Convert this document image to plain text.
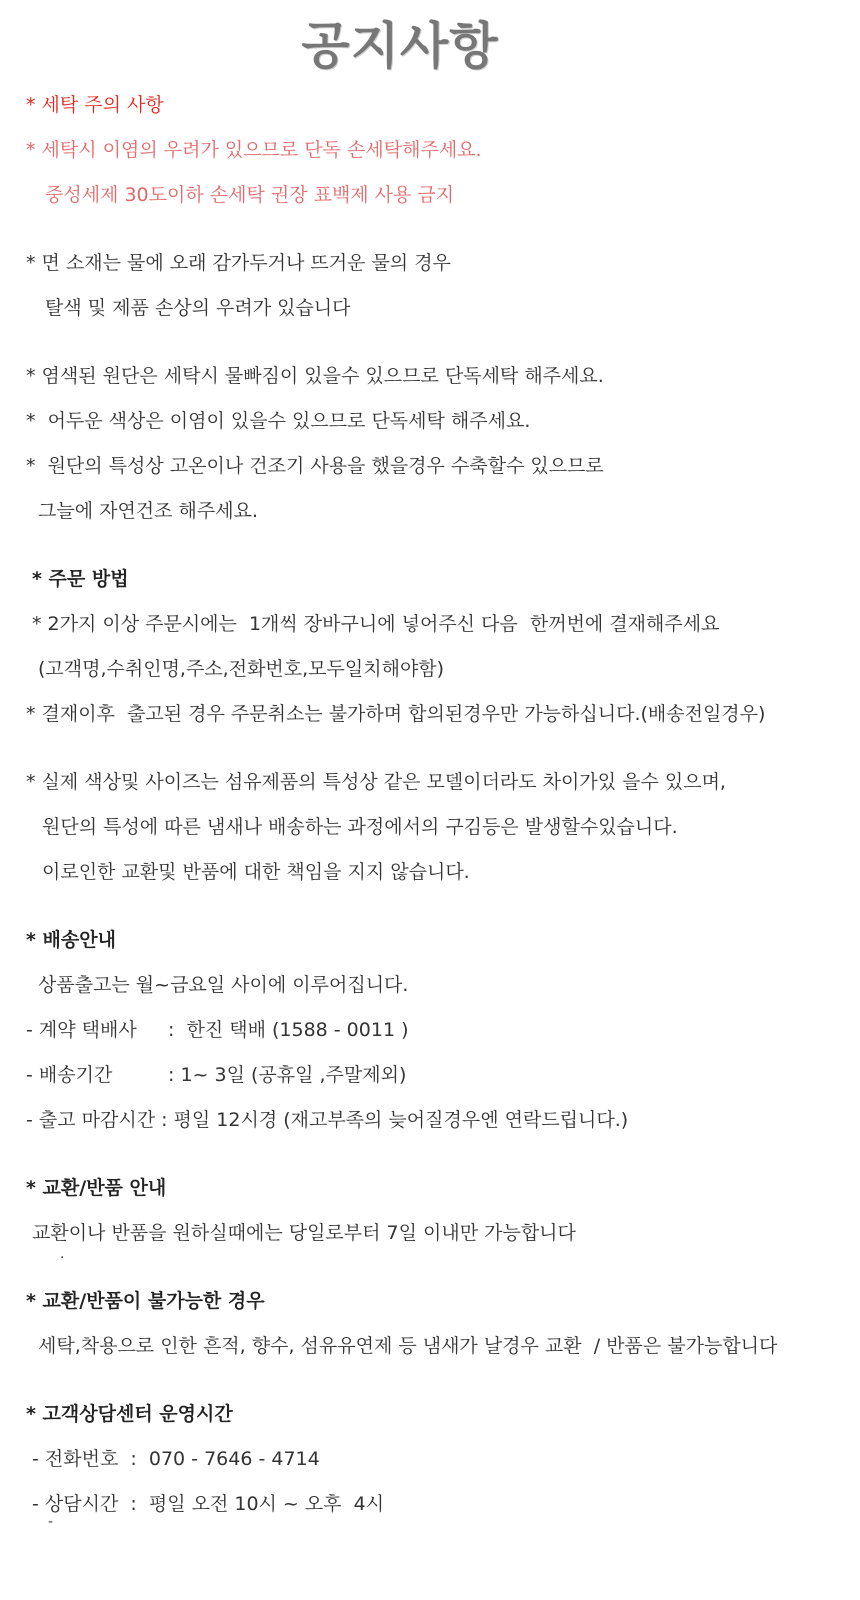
공지사항
* 세탁 주의 사항
* 세탁시 이염의 우려가 있으므로 단독 손세탁해주세요.
중성세제 30도이하 손세탁 권장 표백제 사용 금지
* 면 소재는 물에 오래 감가두거나 뜨거운 물의 경우
탈색 및 제품 손상의 우려가 있습니다
* 염색된 원단은 세탁시 물빠짐이 있을수 있으므로 단독세탁 해주세요.
*  어두운 색상은 이염이 있을수 있으므로 단독세탁 해주세요.
*  원단의 특성상 고온이나 건조기 사용을 했을경우 수축할수 있으므로
그늘에 자연건조 해주세요.
* 주문 방법
* 2가지 이상 주문시에는  1개씩 장바구니에 넣어주신 다음  한꺼번에 결재해주세요
(고객명,수취인명,주소,전화번호,모두일치해야함)
* 결재이후  출고된 경우 주문취소는 불가하며 합의된경우만 가능하십니다.(배송전일경우)
* 실제 색상및 사이즈는 섬유제품의 특성상 같은 모델이더라도 차이가있 을수 있으며,
원단의 특성에 따른 냄새나 배송하는 과정에서의 구김등은 발생할수있습니다.
이로인한 교환및 반품에 대한 책임을 지지 않습니다.
* 배송안내
상품출고는 월~금요일 사이에 이루어집니다.
- 계약 택배사 :  한진 택배 (1588 - 0011 )
- 배송기간	: 1~ 3일 (공휴일 ,주말제외)
- 출고 마감시간 : 평일 12시경 (재고부족의 늦어질경우엔 연락드립니다.)
* 교환/반품 안내
교환이나 반품을 원하실때에는 당일로부터 7일 이내만 가능합니다
.
* 교환/반품이 불가능한 경우
세탁,착용으로 인한 흔적, 향수, 섬유유연제 등 냄새가 날경우 교환  / 반품은 불가능합니다
* 고객상담센터 운영시간
- 전화번호  :  070 - 7646 - 4714
- 상담시간  :  평일 오전 10시 ~ 오후  4시
-
